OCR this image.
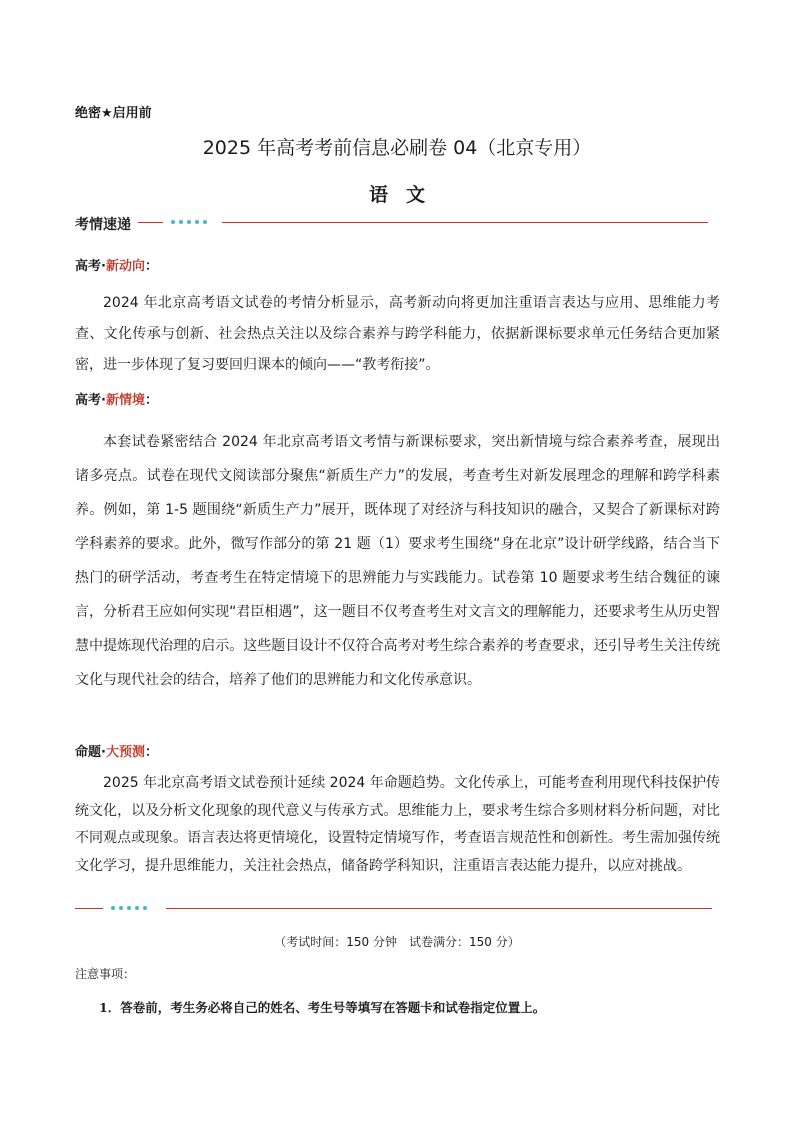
绝密★启用前
2025 年高考考前信息必刷卷 04（北京专用）
语文
考情速递
高考·新动向：
2024 年北京高考语文试卷的考情分析显示，高考新动向将更加注重语言表达与应用、思维能力考查、文化传承与创新、社会热点关注以及综合素养与跨学科能力，依据新课标要求单元任务结合更加紧密，进一步体现了复习要回归课本的倾向——“教考衔接”。
高考·新情境：
本套试卷紧密结合 2024 年北京高考语文考情与新课标要求，突出新情境与综合素养考查，展现出诸多亮点。试卷在现代文阅读部分聚焦“新质生产力”的发展，考查考生对新发展理念的理解和跨学科素养。例如，第 1-5 题围绕“新质生产力”展开，既体现了对经济与科技知识的融合，又契合了新课标对跨学科素养的要求。此外，微写作部分的第 21 题（1）要求考生围绕“身在北京”设计研学线路，结合当下热门的研学活动，考查考生在特定情境下的思辨能力与实践能力。试卷第 10 题要求考生结合魏征的谏言，分析君王应如何实现“君臣相遇”，这一题目不仅考查考生对文言文的理解能力，还要求考生从历史智慧中提炼现代治理的启示。这些题目设计不仅符合高考对考生综合素养的考查要求，还引导考生关注传统文化与现代社会的结合，培养了他们的思辨能力和文化传承意识。
命题·大预测：
2025 年北京高考语文试卷预计延续 2024 年命题趋势。文化传承上，可能考查利用现代科技保护传统文化，以及分析文化现象的现代意义与传承方式。思维能力上，要求考生综合多则材料分析问题，对比不同观点或现象。语言表达将更情境化，设置特定情境写作，考查语言规范性和创新性。考生需加强传统文化学习，提升思维能力，关注社会热点，储备跨学科知识，注重语言表达能力提升，以应对挑战。
（考试时间：150 分钟　试卷满分：150 分）
注意事项：
1．答卷前，考生务必将自己的姓名、考生号等填写在答题卡和试卷指定位置上。
